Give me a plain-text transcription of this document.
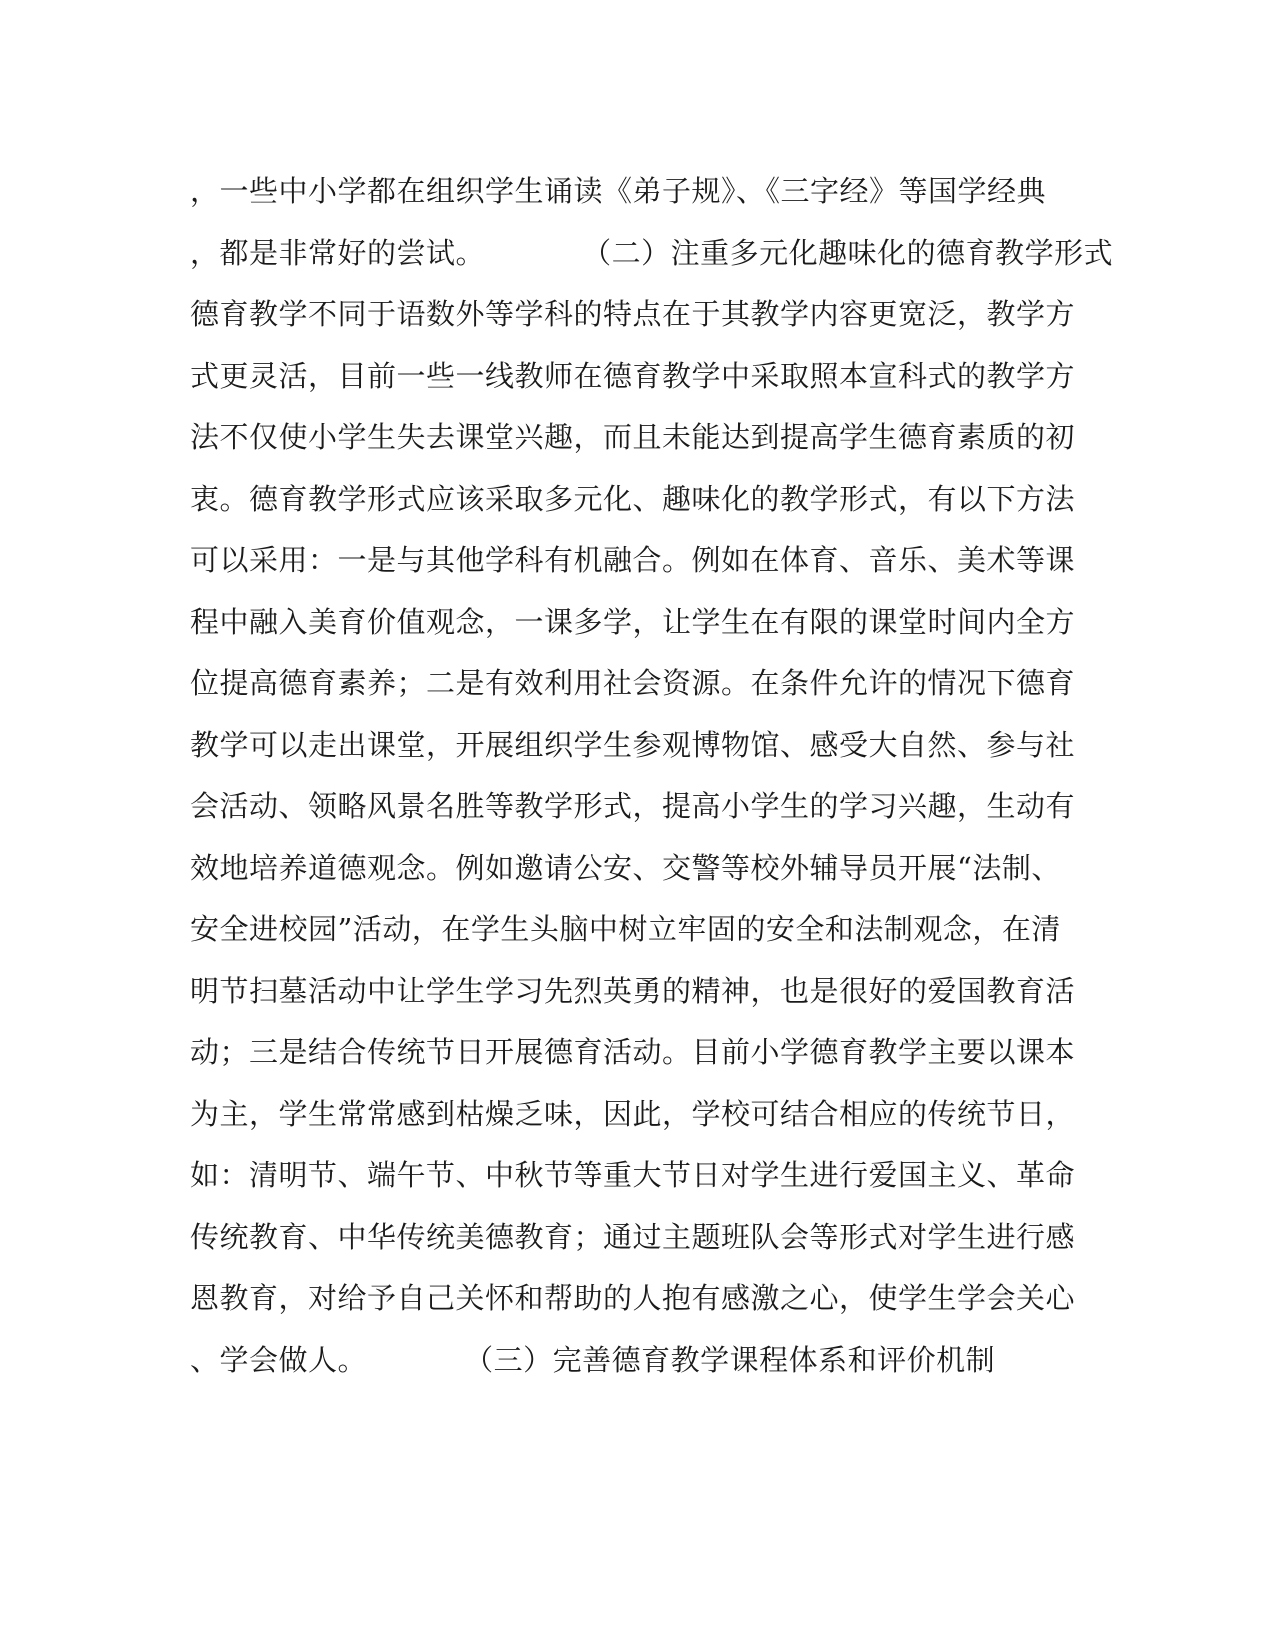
，一些中小学都在组织学生诵读《弟子规》、《三字经》等国学经典
，都是非常好的尝试。          （二）注重多元化趣味化的德育教学形式
德育教学不同于语数外等学科的特点在于其教学内容更宽泛，教学方
式更灵活，目前一些一线教师在德育教学中采取照本宣科式的教学方
法不仅使小学生失去课堂兴趣，而且未能达到提高学生德育素质的初
衷。德育教学形式应该采取多元化、趣味化的教学形式，有以下方法
可以采用：一是与其他学科有机融合。例如在体育、音乐、美术等课
程中融入美育价值观念，一课多学，让学生在有限的课堂时间内全方
位提高德育素养；二是有效利用社会资源。在条件允许的情况下德育
教学可以走出课堂，开展组织学生参观博物馆、感受大自然、参与社
会活动、领略风景名胜等教学形式，提高小学生的学习兴趣，生动有
效地培养道德观念。例如邀请公安、交警等校外辅导员开展“法制、
安全进校园”活动，在学生头脑中树立牢固的安全和法制观念，在清
明节扫墓活动中让学生学习先烈英勇的精神，也是很好的爱国教育活
动；三是结合传统节日开展德育活动。目前小学德育教学主要以课本
为主，学生常常感到枯燥乏味，因此，学校可结合相应的传统节日，
如：清明节、端午节、中秋节等重大节日对学生进行爱国主义、革命
传统教育、中华传统美德教育；通过主题班队会等形式对学生进行感
恩教育，对给予自己关怀和帮助的人抱有感激之心，使学生学会关心
、学会做人。          （三）完善德育教学课程体系和评价机制
